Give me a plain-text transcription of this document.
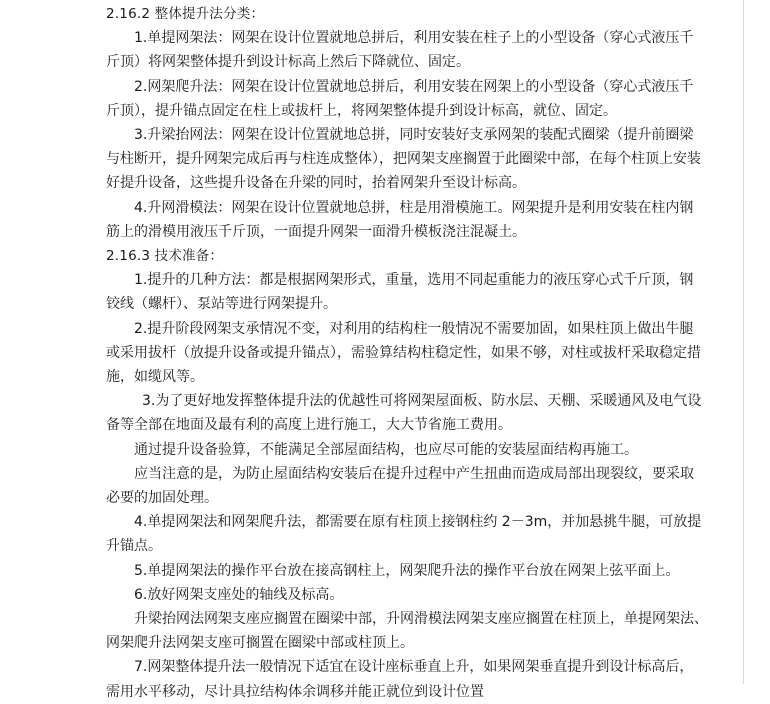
2.16.2 整体提升法分类：
1.单提网架法：网架在设计位置就地总拼后，利用安装在柱子上的小型设备（穿心式液压千
斤顶）将网架整体提升到设计标高上然后下降就位、固定。
2.网架爬升法：网架在设计位置就地总拼后，利用安装在网架上的小型设备（穿心式液压千
斤顶），提升锚点固定在柱上或拔杆上，将网架整体提升到设计标高，就位、固定。
3.升梁抬网法：网架在设计位置就地总拼，同时安装好支承网架的装配式圈梁（提升前圈梁
与柱断开，提升网架完成后再与柱连成整体），把网架支座搁置于此圈梁中部，在每个柱顶上安装
好提升设备，这些提升设备在升梁的同时，抬着网架升至设计标高。
4.升网滑模法：网架在设计位置就地总拼，柱是用滑模施工。网架提升是利用安装在柱内钢
筋上的滑模用液压千斤顶，一面提升网架一面滑升模板浇注混凝土。
2.16.3 技术准备：
1.提升的几种方法：都是根据网架形式，重量，选用不同起重能力的液压穿心式千斤顶，钢
铰线（螺杆）、泵站等进行网架提升。
2.提升阶段网架支承情况不变，对利用的结构柱一般情况不需要加固，如果柱顶上做出牛腿
或采用拔杆（放提升设备或提升锚点），需验算结构柱稳定性，如果不够，对柱或拔杆采取稳定措
施，如缆风等。
3.为了更好地发挥整体提升法的优越性可将网架屋面板、防水层、天棚、采暖通风及电气设
备等全部在地面及最有利的高度上进行施工，大大节省施工费用。
通过提升设备验算，不能满足全部屋面结构，也应尽可能的安装屋面结构再施工。
应当注意的是，为防止屋面结构安装后在提升过程中产生扭曲而造成局部出现裂纹，要采取
必要的加固处理。
4.单提网架法和网架爬升法，都需要在原有柱顶上接钢柱约 2－3m，并加悬挑牛腿，可放提
升锚点。
5.单提网架法的操作平台放在接高钢柱上，网架爬升法的操作平台放在网架上弦平面上。
6.放好网架支座处的轴线及标高。
升梁抬网法网架支座应搁置在圈梁中部，升网滑模法网架支座应搁置在柱顶上，单提网架法、
网架爬升法网架支座可搁置在圈梁中部或柱顶上。
7.网架整体提升法一般情况下适宜在设计座标垂直上升，如果网架垂直提升到设计标高后，
需用水平移动，尽计具拉结构体余调移并能正就位到设计位置
